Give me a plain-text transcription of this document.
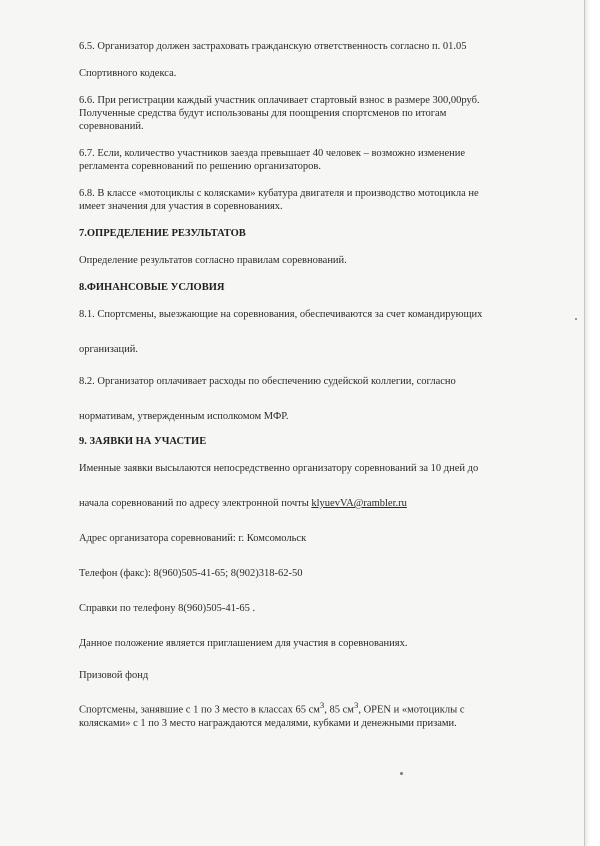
6.5. Организатор должен застраховать гражданскую ответственность согласно п. 01.05

Спортивного кодекса.

6.6. При регистрации каждый участник оплачивает стартовый взнос в размере 300,00руб.

Полученные средства будут использованы для поощрения спортсменов по итогам

соревнований.

6.7. Если, количество участников заезда превышает 40 человек – возможно изменение

регламента соревнований по решению организаторов.

6.8. В классе «мотоциклы с колясками» кубатура двигателя и производство мотоцикла не

имеет значения для участия в соревнованиях.

7.ОПРЕДЕЛЕНИЕ РЕЗУЛЬТАТОВ

Определение результатов согласно правилам соревнований.

8.ФИНАНСОВЫЕ УСЛОВИЯ

8.1. Спортсмены, выезжающие на соревнования, обеспечиваются за счет командирующих

организаций.

8.2. Организатор оплачивает расходы по обеспечению судейской коллегии, согласно

нормативам, утвержденным исполкомом МФР.

9. ЗАЯВКИ НА УЧАСТИЕ

Именные заявки высылаются непосредственно организатору соревнований за 10 дней до

начала соревнований по адресу электронной почты klyuevVA@rambler.ru

Адрес организатора соревнований: г. Комсомольск

Телефон (факс): 8(960)505-41-65; 8(902)318-62-50

Справки по телефону 8(960)505-41-65 .

Данное положение является приглашением для участия в соревнованиях.

Призовой фонд

Спортсмены, занявшие с 1 по 3 место в классах 65 $см^3$, 85 $см^3$, OPEN и «мотоциклы с

колясками» с 1 по 3 место награждаются медалями, кубками и денежными призами.
